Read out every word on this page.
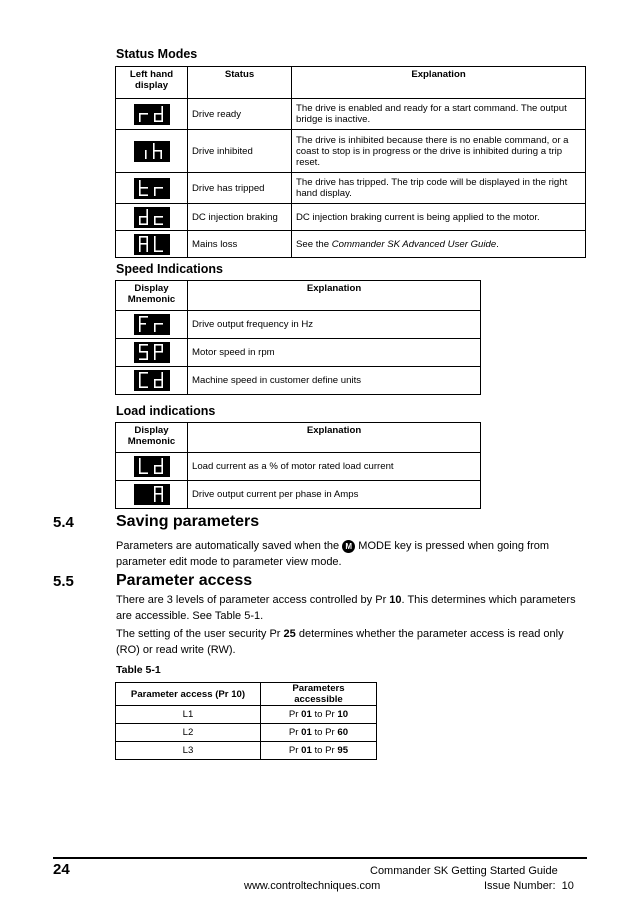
Status Modes
Left hand display	Status	Explanation

	Drive ready	The drive is enabled and ready for a start command. The output bridge is inactive.

	Drive inhibited	The drive is inhibited because there is no enable command, or a coast to stop is in progress or the drive is inhibited during a trip reset.

	Drive has tripped	The drive has tripped. The trip code will be displayed in the right hand display.

	DC injection braking	DC injection braking current is being applied to the motor.

	Mains loss	See the Commander SK Advanced User Guide.
Speed Indications
Display Mnemonic	Explanation

	Drive output frequency in Hz

	Motor speed in rpm

	Machine speed in customer define units
Load indications
Display Mnemonic	Explanation

	Load current as a % of motor rated load current

	Drive output current per phase in Amps
5.4	Saving parameters
Parameters are automatically saved when the M MODE key is pressed when going from parameter edit mode to parameter view mode.
5.5	Parameter access
There are 3 levels of parameter access controlled by Pr 10. This determines which parameters are accessible. See Table 5-1.
The setting of the user security Pr 25 determines whether the parameter access is read only (RO) or read write (RW).
Table 5-1
Parameter access (Pr 10)	Parameters accessible
L1	Pr 01 to Pr 10
L2	Pr 01 to Pr 60
L3	Pr 01 to Pr 95
24	Commander SK Getting Started Guide
www.controltechniques.com	Issue Number:  10
